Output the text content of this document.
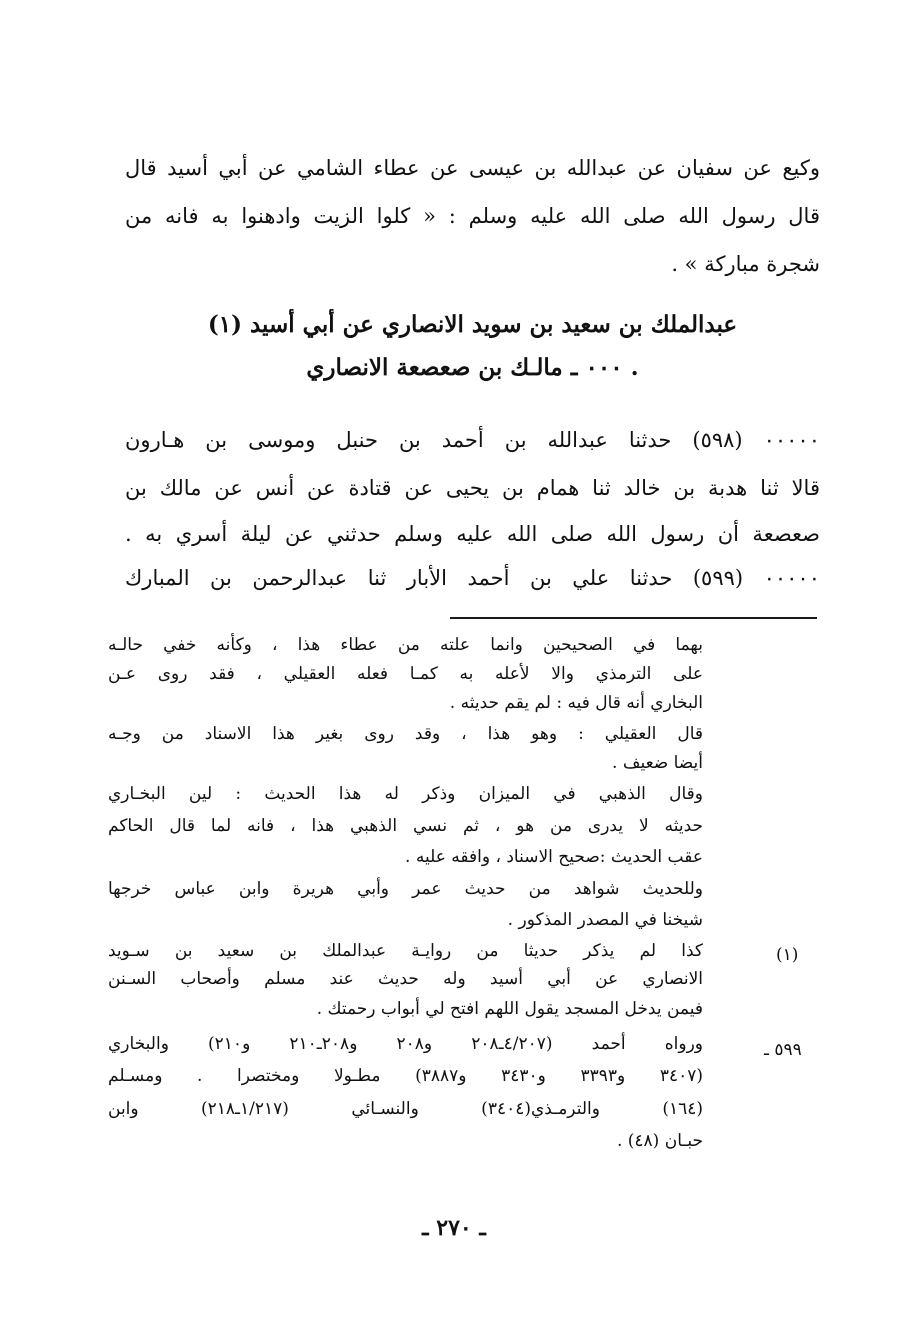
وكيع عن سفيان عن عبدالله بن عيسى عن عطاء الشامي عن أبي أسيد قال
قال رسول الله صلى الله عليه وسلم : « كلوا الزيت وادهنوا به فانه من
شجرة مباركة » .
عبدالملك بن سعيد بن سويد الانصاري عن أبي أسيد (١)
. ٠٠٠ ـ مالـك بن صعصعة الانصاري
٠٠٠٠٠ (٥٩٨) حدثنا عبدالله بن أحمد بن حنبل وموسى بن هـارون
قالا ثنا هدبة بن خالد ثنا همام بن يحيى عن قتادة عن أنس عن مالك بن
صعصعة أن رسول الله صلى الله عليه وسلم حدثني عن ليلة أسري به .
٠٠٠٠٠ (٥٩٩) حدثنا علي بن أحمد الأبار ثنا عبدالرحمن بن المبارك
بهما في الصحيحين وانما علته من عطاء هذا ، وكأنه خفي حالـه
على الترمذي والا لأعله به كمـا فعله العقيلي ، فقد روى عـن
البخاري أنه قال فيه : لم يقم حديثه .
قال العقيلي : وهو هذا ، وقد روى بغير هذا الاسناد من وجـه
أيضا ضعيف .
وقال الذهبي في الميزان وذكر له هذا الحديث : لين البخـاري
حديثه لا يدرى من هو ، ثم نسي الذهبي هذا ، فانه لما قال الحاكم
عقب الحديث :صحيح الاسناد ، وافقه عليه .
وللحديث شواهد من حديث عمر وأبي هريرة وابن عباس خرجها
شيخنا في المصدر المذكور .
(١)
كذا لم يذكر حديثا من روايـة عبدالملك بن سعيد بن سـويد
الانصاري عن أبي أسيد وله حديث عند مسلم وأصحاب السـنن
فيمن يدخل المسجد يقول اللهم افتح لي أبواب رحمتك .
٥٩٩ ـ
ورواه أحمد (٤/٢٠٧ـ٢٠٨ و٢٠٨ و٢٠٨ـ٢١٠ و٢١٠) والبخاري
(٣٤٠٧ و٣٣٩٣ و٣٤٣٠ و٣٨٨٧) مطـولا ومختصرا . ومسـلم
(١٦٤) والترمـذي(٣٤٠٤) والنسـائي (١/٢١٧ـ٢١٨) وابن
حبـان (٤٨) .
ـ ٢٧٠ ـ
